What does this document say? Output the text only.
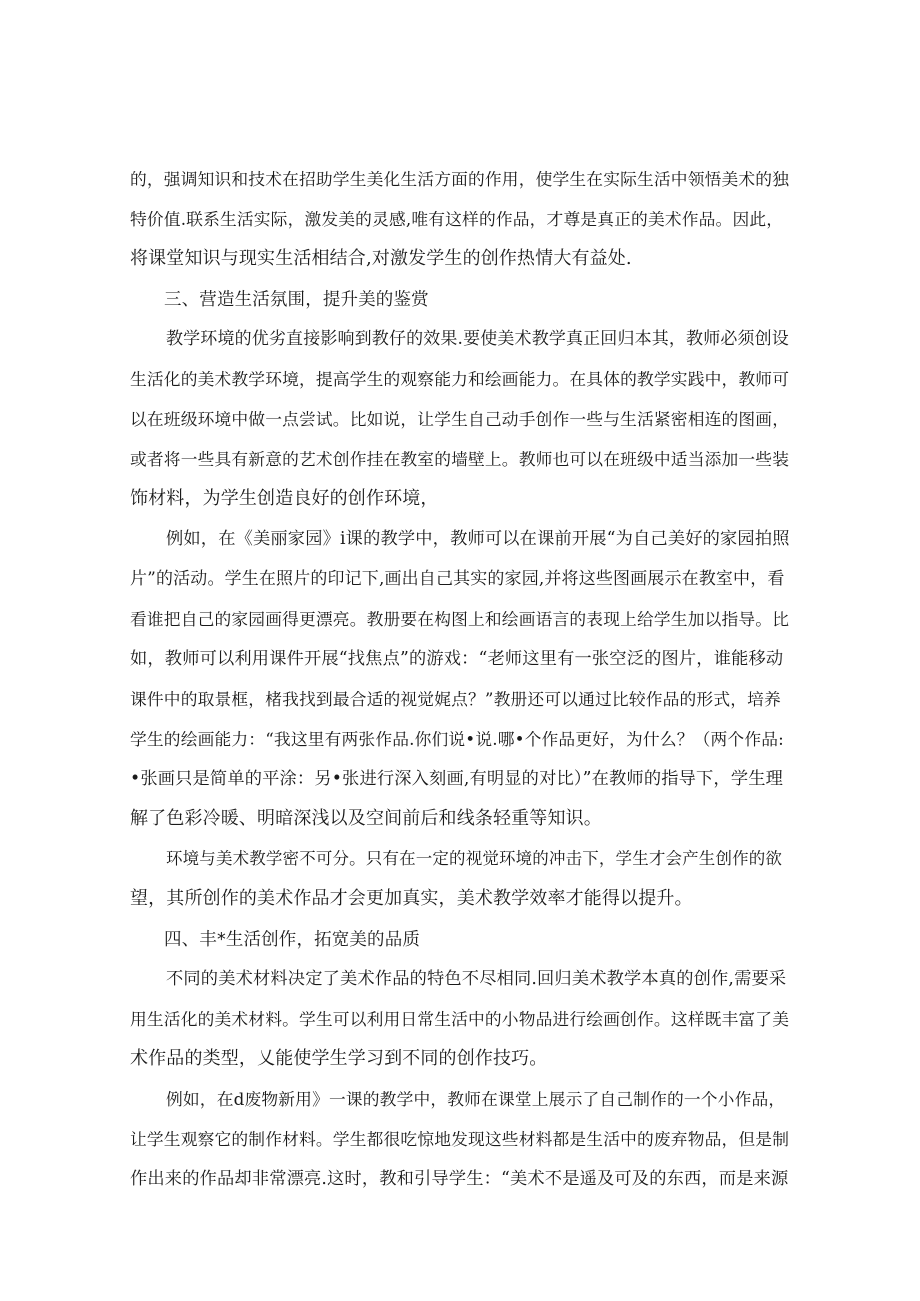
的，强调知识和技术在招助学生美化生活方面的作用，使学生在实际生活中领悟美术的独
特价值.联系生活实际，激发美的灵感,唯有这样的作品，才尊是真正的美术作品。因此，
将课堂知识与现实生活相结合,对激发学生的创作热情大有益处.
三、营造生活氛围，提升美的鉴赏
教学环境的优劣直接影响到教仔的效果.要使美术教学真正回归本其，教师必须创设
生活化的美术教学环境，提高学生的观察能力和绘画能力。在具体的教学实践中，教师可
以在班级环境中做一点尝试。比如说，让学生自己动手创作一些与生活紧密相连的图画，
或者将一些具有新意的艺术创作挂在教室的墙壁上。教师也可以在班级中适当添加一些装
饰材料，为学生创造良好的创作环境，
例如，在《美丽家园》i课的教学中，教师可以在课前开展“为自己美好的家园拍照
片”的活动。学生在照片的印记下,画出自己其实的家园,并将这些图画展示在教室中，看
看谁把自己的家园画得更漂亮。教册要在构图上和绘画语言的表现上给学生加以指导。比
如，教师可以利用课件开展“找焦点”的游戏：“老师这里有一张空泛的图片，谁能移动
课件中的取景框，楮我找到最合适的视觉娓点？”教册还可以通过比较作品的形式，培养
学生的绘画能力：“我这里有两张作品.你们说•说.哪•个作品更好，为什么？（两个作品:
•张画只是简单的平涂：另•张进行深入刻画,有明显的对比）”在教师的指导下，学生理
解了色彩冷暖、明暗深浅以及空间前后和线条轻重等知识。
环境与美术教学密不可分。只有在一定的视觉环境的冲击下，学生才会产生创作的欲
望，其所创作的美术作品才会更加真实，美术教学效率才能得以提升。
四、丰*生活创作，拓宽美的品质
不同的美术材料决定了美术作品的特色不尽相同.回归美术教学本真的创作,需要采
用生活化的美术材料。学生可以利用日常生活中的小物品进行绘画创作。这样既丰富了美
术作品的类型，乂能使学生学习到不同的创作技巧。
例如，在d废物新用》一课的教学中，教师在课堂上展示了自己制作的一个小作品，
让学生观察它的制作材料。学生都很吃惊地发现这些材料都是生活中的废弃物品，但是制
作出来的作品却非常漂亮.这时，教和引导学生：“美术不是遥及可及的东西，而是来源
